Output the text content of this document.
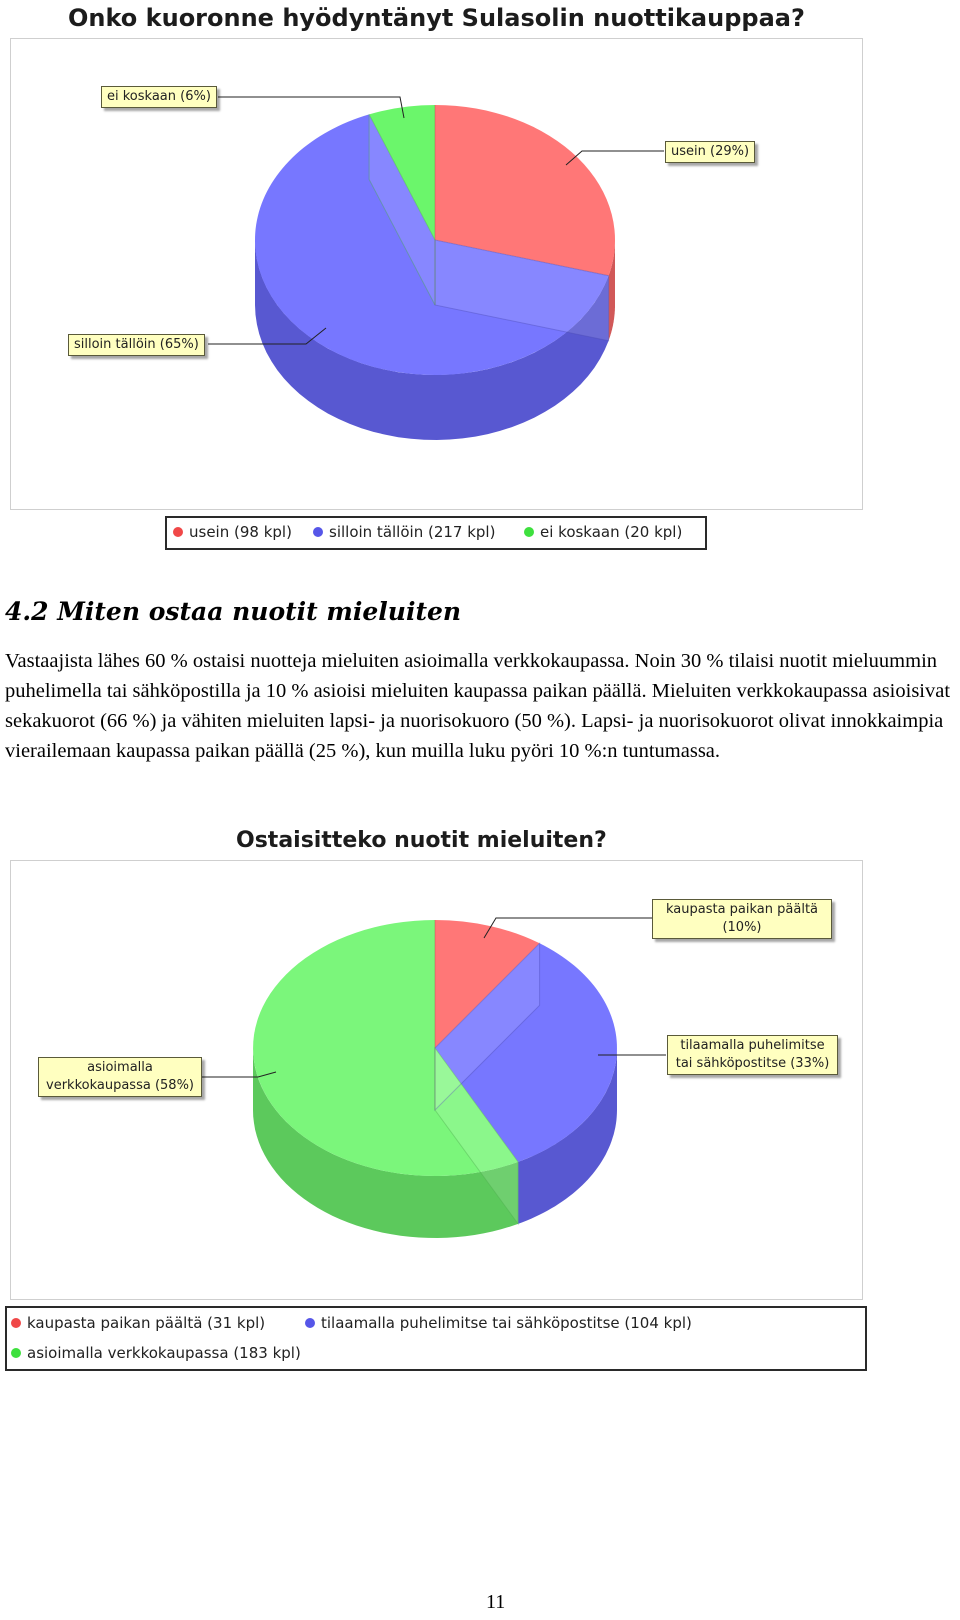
Onko kuoronne hyödyntänyt Sulasolin nuottikauppaa?
ei koskaan (6%)
usein (29%)
silloin tällöin (65%)
usein (98 kpl) silloin tällöin (217 kpl)	ei koskaan (20 kpl)
4.2 Miten ostaa nuotit mieluiten

Vastaajista lähes 60 % ostaisi nuotteja mieluiten asioimalla verkkokaupassa. Noin 30 % tilaisi nuotit mieluummin puhelimella tai sähköpostilla ja 10 % asioisi mieluiten kaupassa paikan päällä. Mieluiten verkkokaupassa asioisivat sekakuorot (66 %) ja vähiten mieluiten lapsi- ja nuorisokuoro (50 %). Lapsi- ja nuorisokuorot olivat innokkaimpia vierailemaan kaupassa paikan päällä (25 %), kun muilla luku pyöri 10 %:n tuntumassa.

Ostaisitteko nuotit mieluiten?
kaupasta paikan päältä
(10%)
tilaamalla puhelimitse
tai sähköpostitse (33%)
asioimalla
verkkokaupassa (58%)
kaupasta paikan päältä (31 kpl)	tilaamalla puhelimitse tai sähköpostitse (104 kpl)
asioimalla verkkokaupassa (183 kpl)
11
